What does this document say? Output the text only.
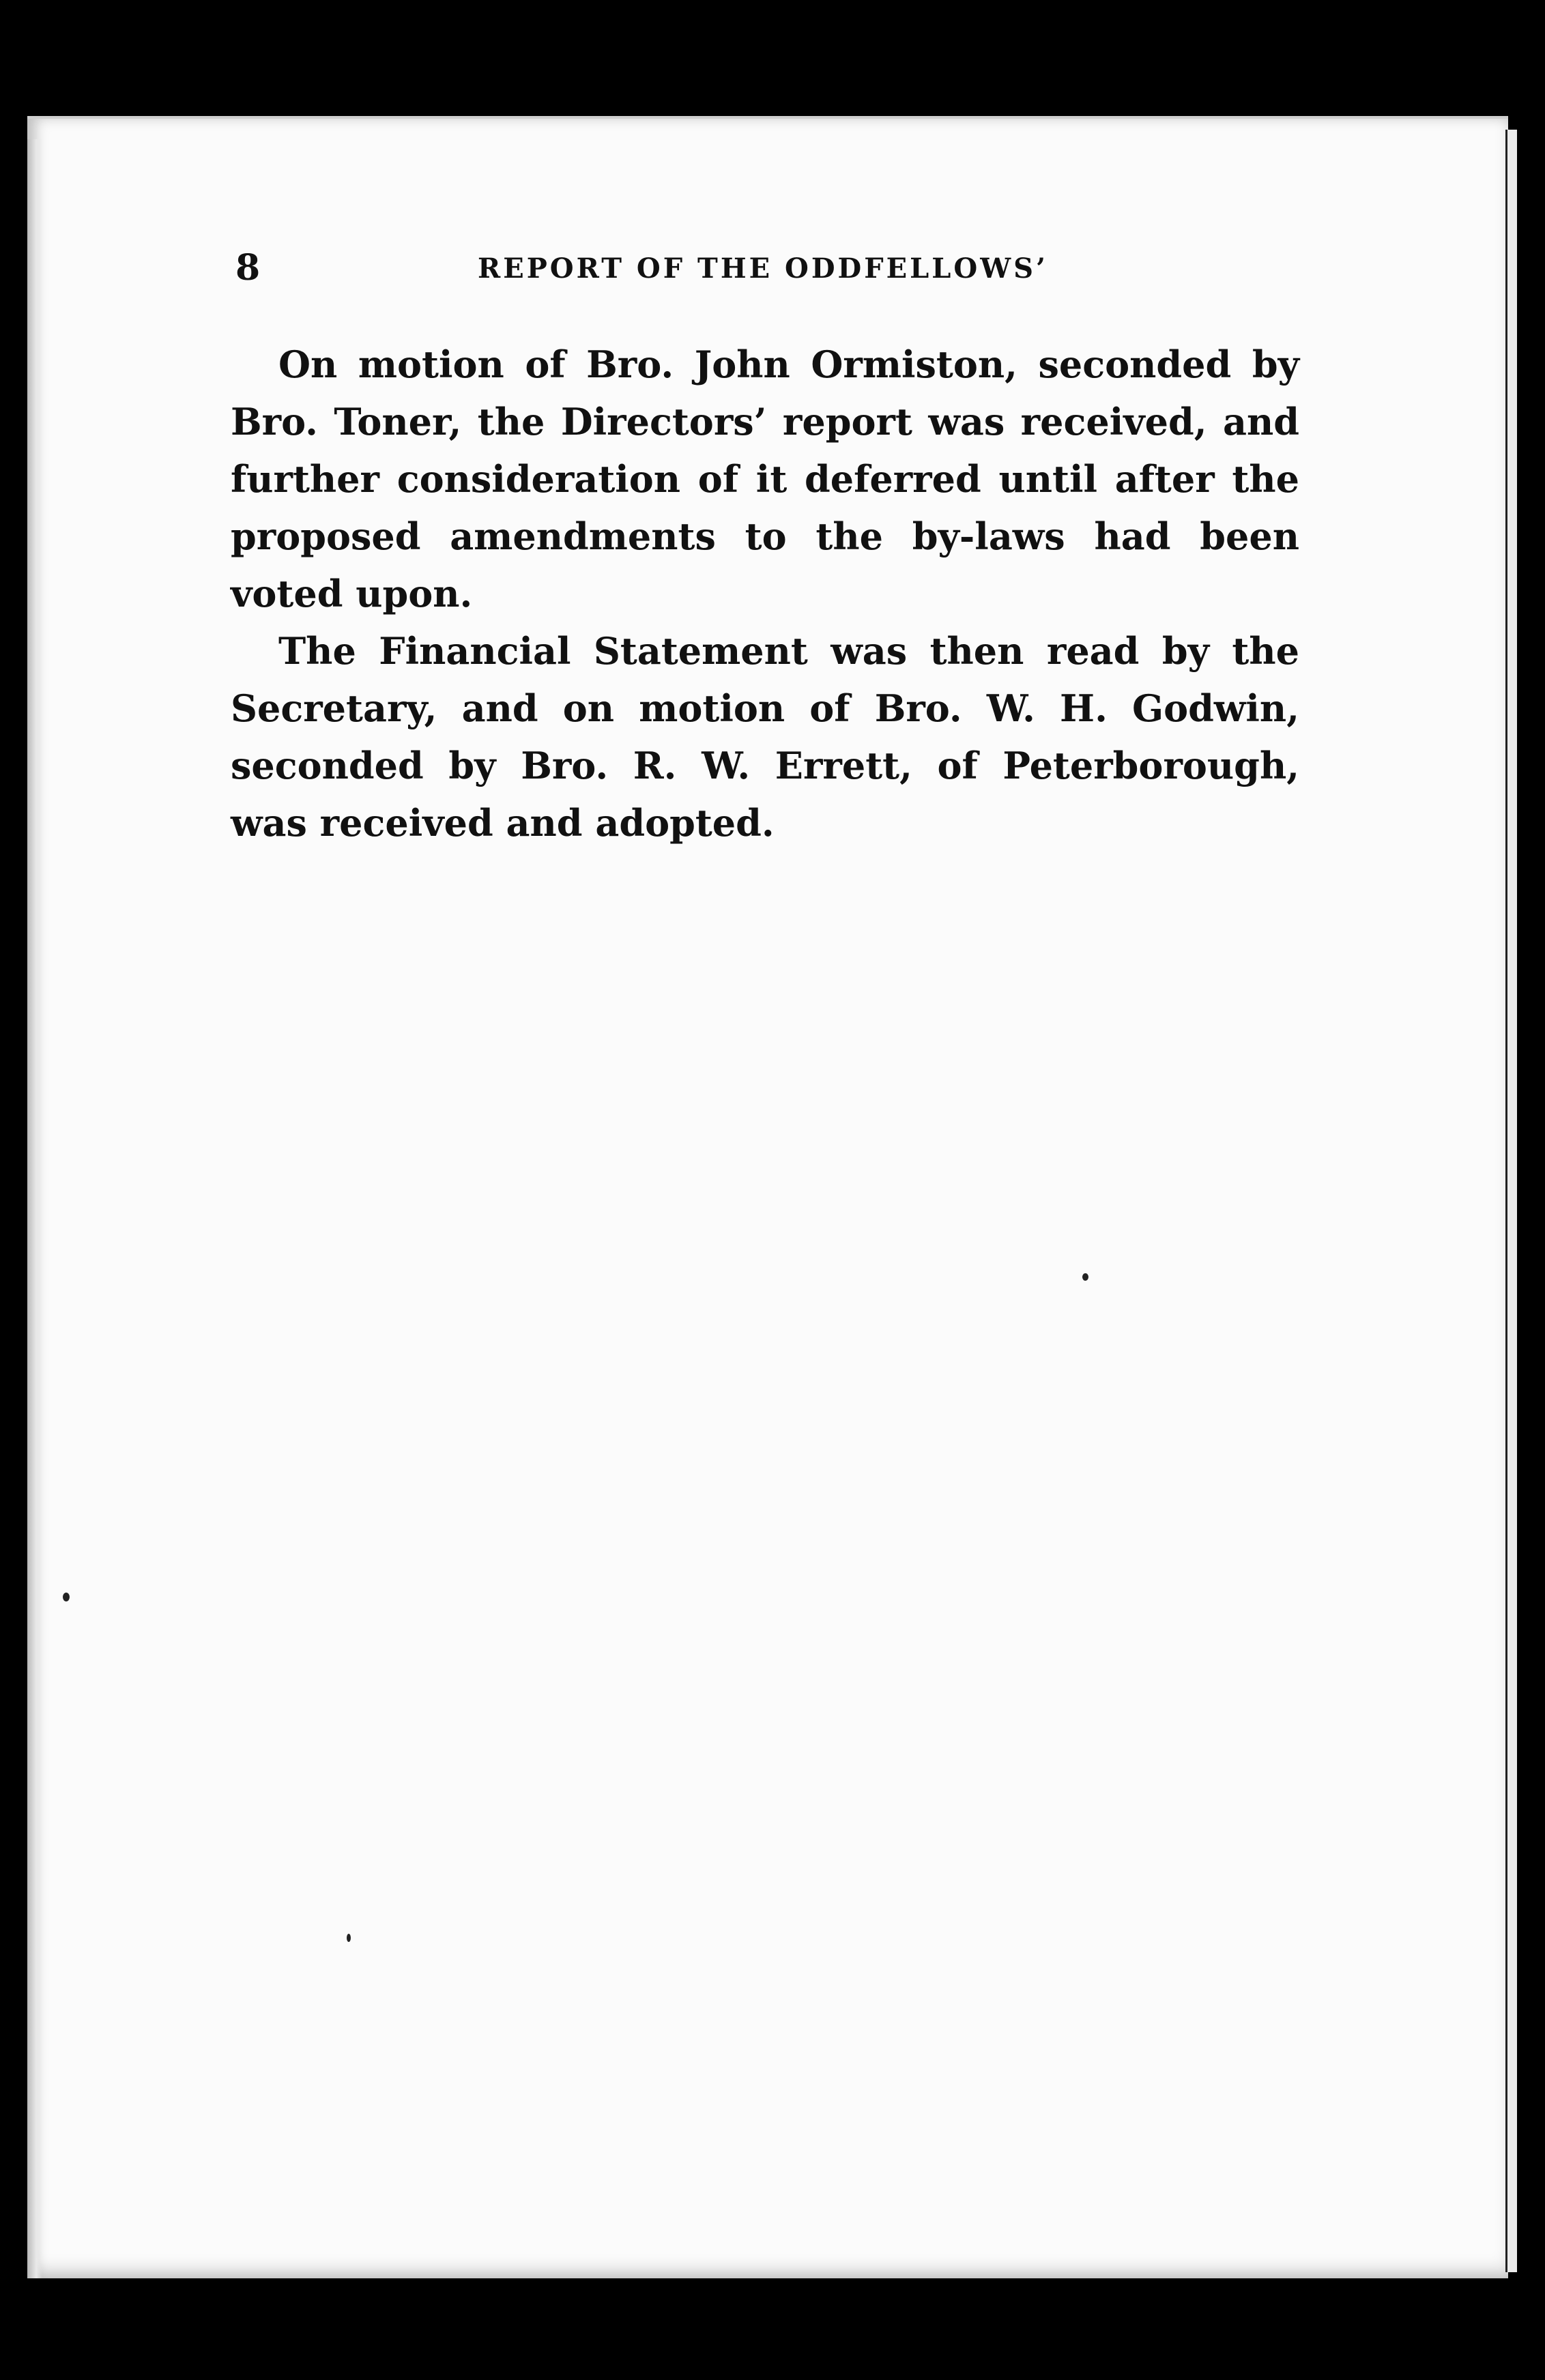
8	REPORT OF THE ODDFELLOWS’

On motion of Bro. John Ormiston, seconded by Bro. Toner, the Directors’ report was received, and further consideration of it deferred until after the proposed amendments to the by-laws had been voted upon.

The Financial Statement was then read by the Secretary, and on motion of Bro. W. H. Godwin, seconded by Bro. R. W. Errett, of Peterborough, was received and adopted.
